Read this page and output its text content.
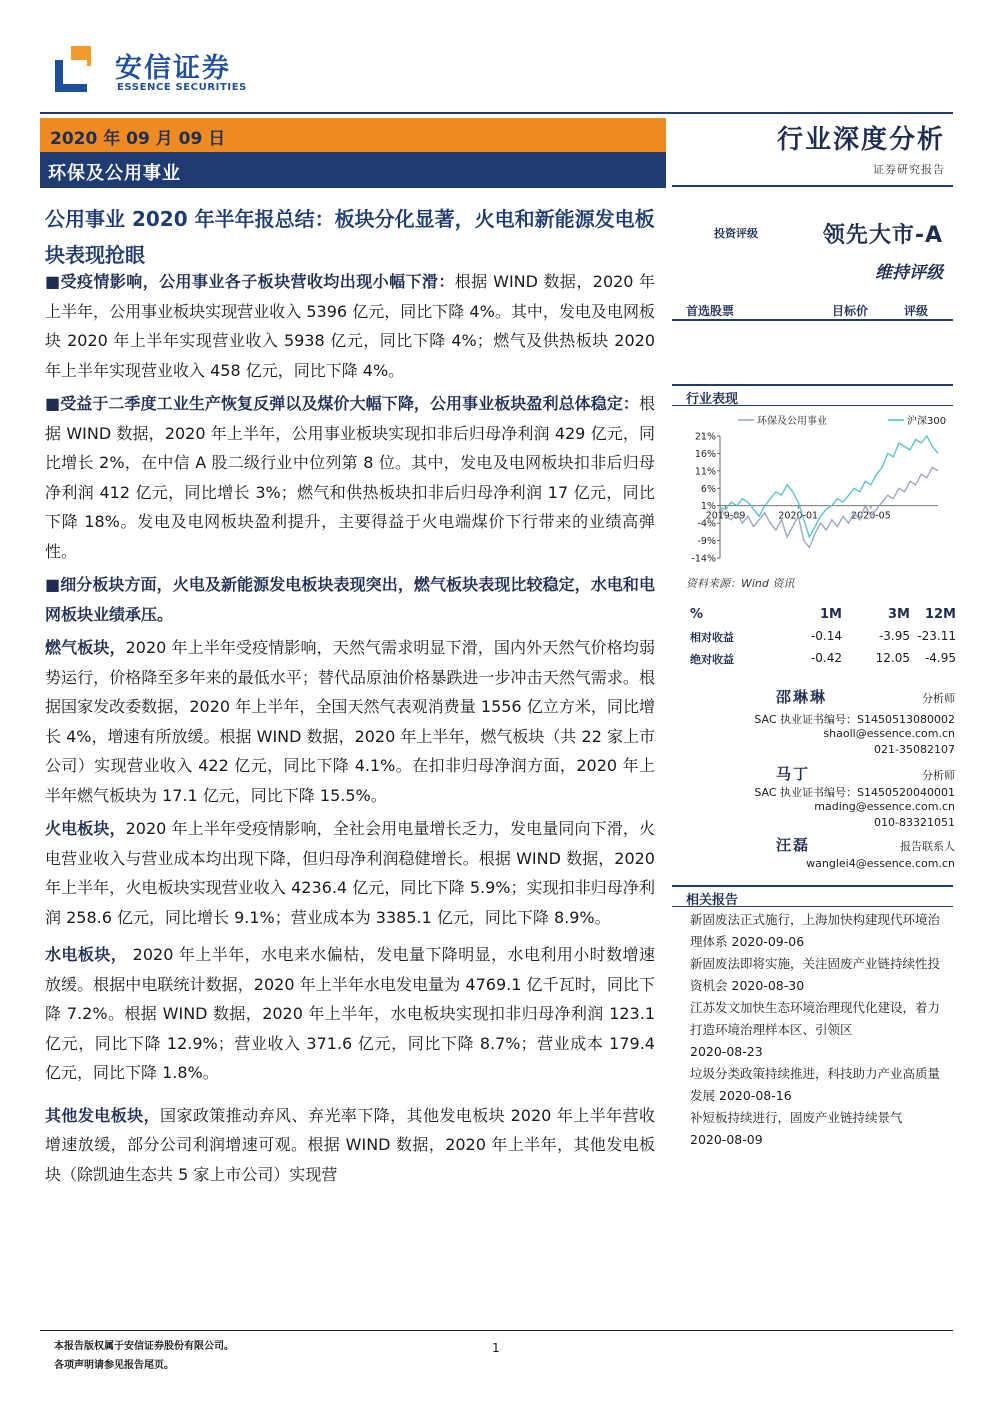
安信证券
ESSENCE SECURITIES
2020 年 09 月 09 日
环保及公用事业
行业深度分析
证券研究报告
公用事业 2020 年半年报总结：板块分化显著，火电和新能源发电板块表现抢眼

■受疫情影响，公用事业各子板块营收均出现小幅下滑：根据 WIND 数据，2020 年上半年，公用事业板块实现营业收入 5396 亿元，同比下降 4%。其中，发电及电网板块 2020 年上半年实现营业收入 5938 亿元，同比下降 4%；燃气及供热板块 2020 年上半年实现营业收入 458 亿元，同比下降 4%。

■受益于二季度工业生产恢复反弹以及煤价大幅下降，公用事业板块盈利总体稳定：根据 WIND 数据，2020 年上半年，公用事业板块实现扣非后归母净利润 429 亿元，同比增长 2%，在中信 A 股二级行业中位列第 8 位。其中，发电及电网板块扣非后归母净利润 412 亿元，同比增长 3%；燃气和供热板块扣非后归母净利润 17 亿元，同比下降 18%。发电及电网板块盈利提升，主要得益于火电端煤价下行带来的业绩高弹性。

■细分板块方面，火电及新能源发电板块表现突出，燃气板块表现比较稳定，水电和电网板块业绩承压。

燃气板块，2020 年上半年受疫情影响，天然气需求明显下滑，国内外天然气价格均弱势运行，价格降至多年来的最低水平；替代品原油价格暴跌进一步冲击天然气需求。根据国家发改委数据，2020 年上半年，全国天然气表观消费量 1556 亿立方米，同比增长 4%，增速有所放缓。根据 WIND 数据，2020 年上半年，燃气板块（共 22 家上市公司）实现营业收入 422 亿元，同比下降 4.1%。在扣非归母净润方面，2020 年上半年燃气板块为 17.1 亿元，同比下降 15.5%。

火电板块，2020 年上半年受疫情影响，全社会用电量增长乏力，发电量同向下滑，火电营业收入与营业成本均出现下降，但归母净利润稳健增长。根据 WIND 数据，2020 年上半年，火电板块实现营业收入 4236.4 亿元，同比下降 5.9%；实现扣非归母净利润 258.6 亿元，同比增长 9.1%；营业成本为 3385.1 亿元，同比下降 8.9%。

水电板块， 2020 年上半年，水电来水偏枯，发电量下降明显，水电利用小时数增速放缓。根据中电联统计数据，2020 年上半年水电发电量为 4769.1 亿千瓦时，同比下降 7.2%。根据 WIND 数据，2020 年上半年，水电板块实现扣非归母净利润 123.1 亿元，同比下降 12.9%；营业收入 371.6 亿元，同比下降 8.7%；营业成本 179.4 亿元，同比下降 1.8%。

其他发电板块，国家政策推动弃风、弃光率下降，其他发电板块 2020 年上半年营收增速放缓，部分公司利润增速可观。根据 WIND 数据，2020 年上半年，其他发电板块（除凯迪生态共 5 家上市公司）实现营

投资评级	领先大市-A
维持评级
首选股票	目标价	评级
行业表现
-14%
-9%
-4%
1%
6%
11%
16%
21%
2019-09	2020-01	2020-05
环保及公用事业	沪深300
资料来源：Wind 资讯
%	1M	3M	12M
相对收益	-0.14	-3.95 -23.11
绝对收益	-0.42	12.05	-4.95
邵琳琳	分析师
SAC 执业证书编号：S1450513080002
shaoll@essence.com.cn
021-35082107
马丁	分析师
SAC 执业证书编号：S1450520040001
mading@essence.com.cn
010-83321051
汪磊	报告联系人
wanglei4@essence.com.cn
相关报告
新固废法正式施行，上海加快构建现代环境治理体系 2020-09-06
新固废法即将实施，关注固废产业链持续性投资机会 2020-08-30
江苏发文加快生态环境治理现代化建设，着力打造环境治理样本区、引领区
2020-08-23
垃圾分类政策持续推进，科技助力产业高质量发展 2020-08-16
补短板持续进行，固废产业链持续景气
2020-08-09
本报告版权属于安信证券股份有限公司。
各项声明请参见报告尾页。
1
